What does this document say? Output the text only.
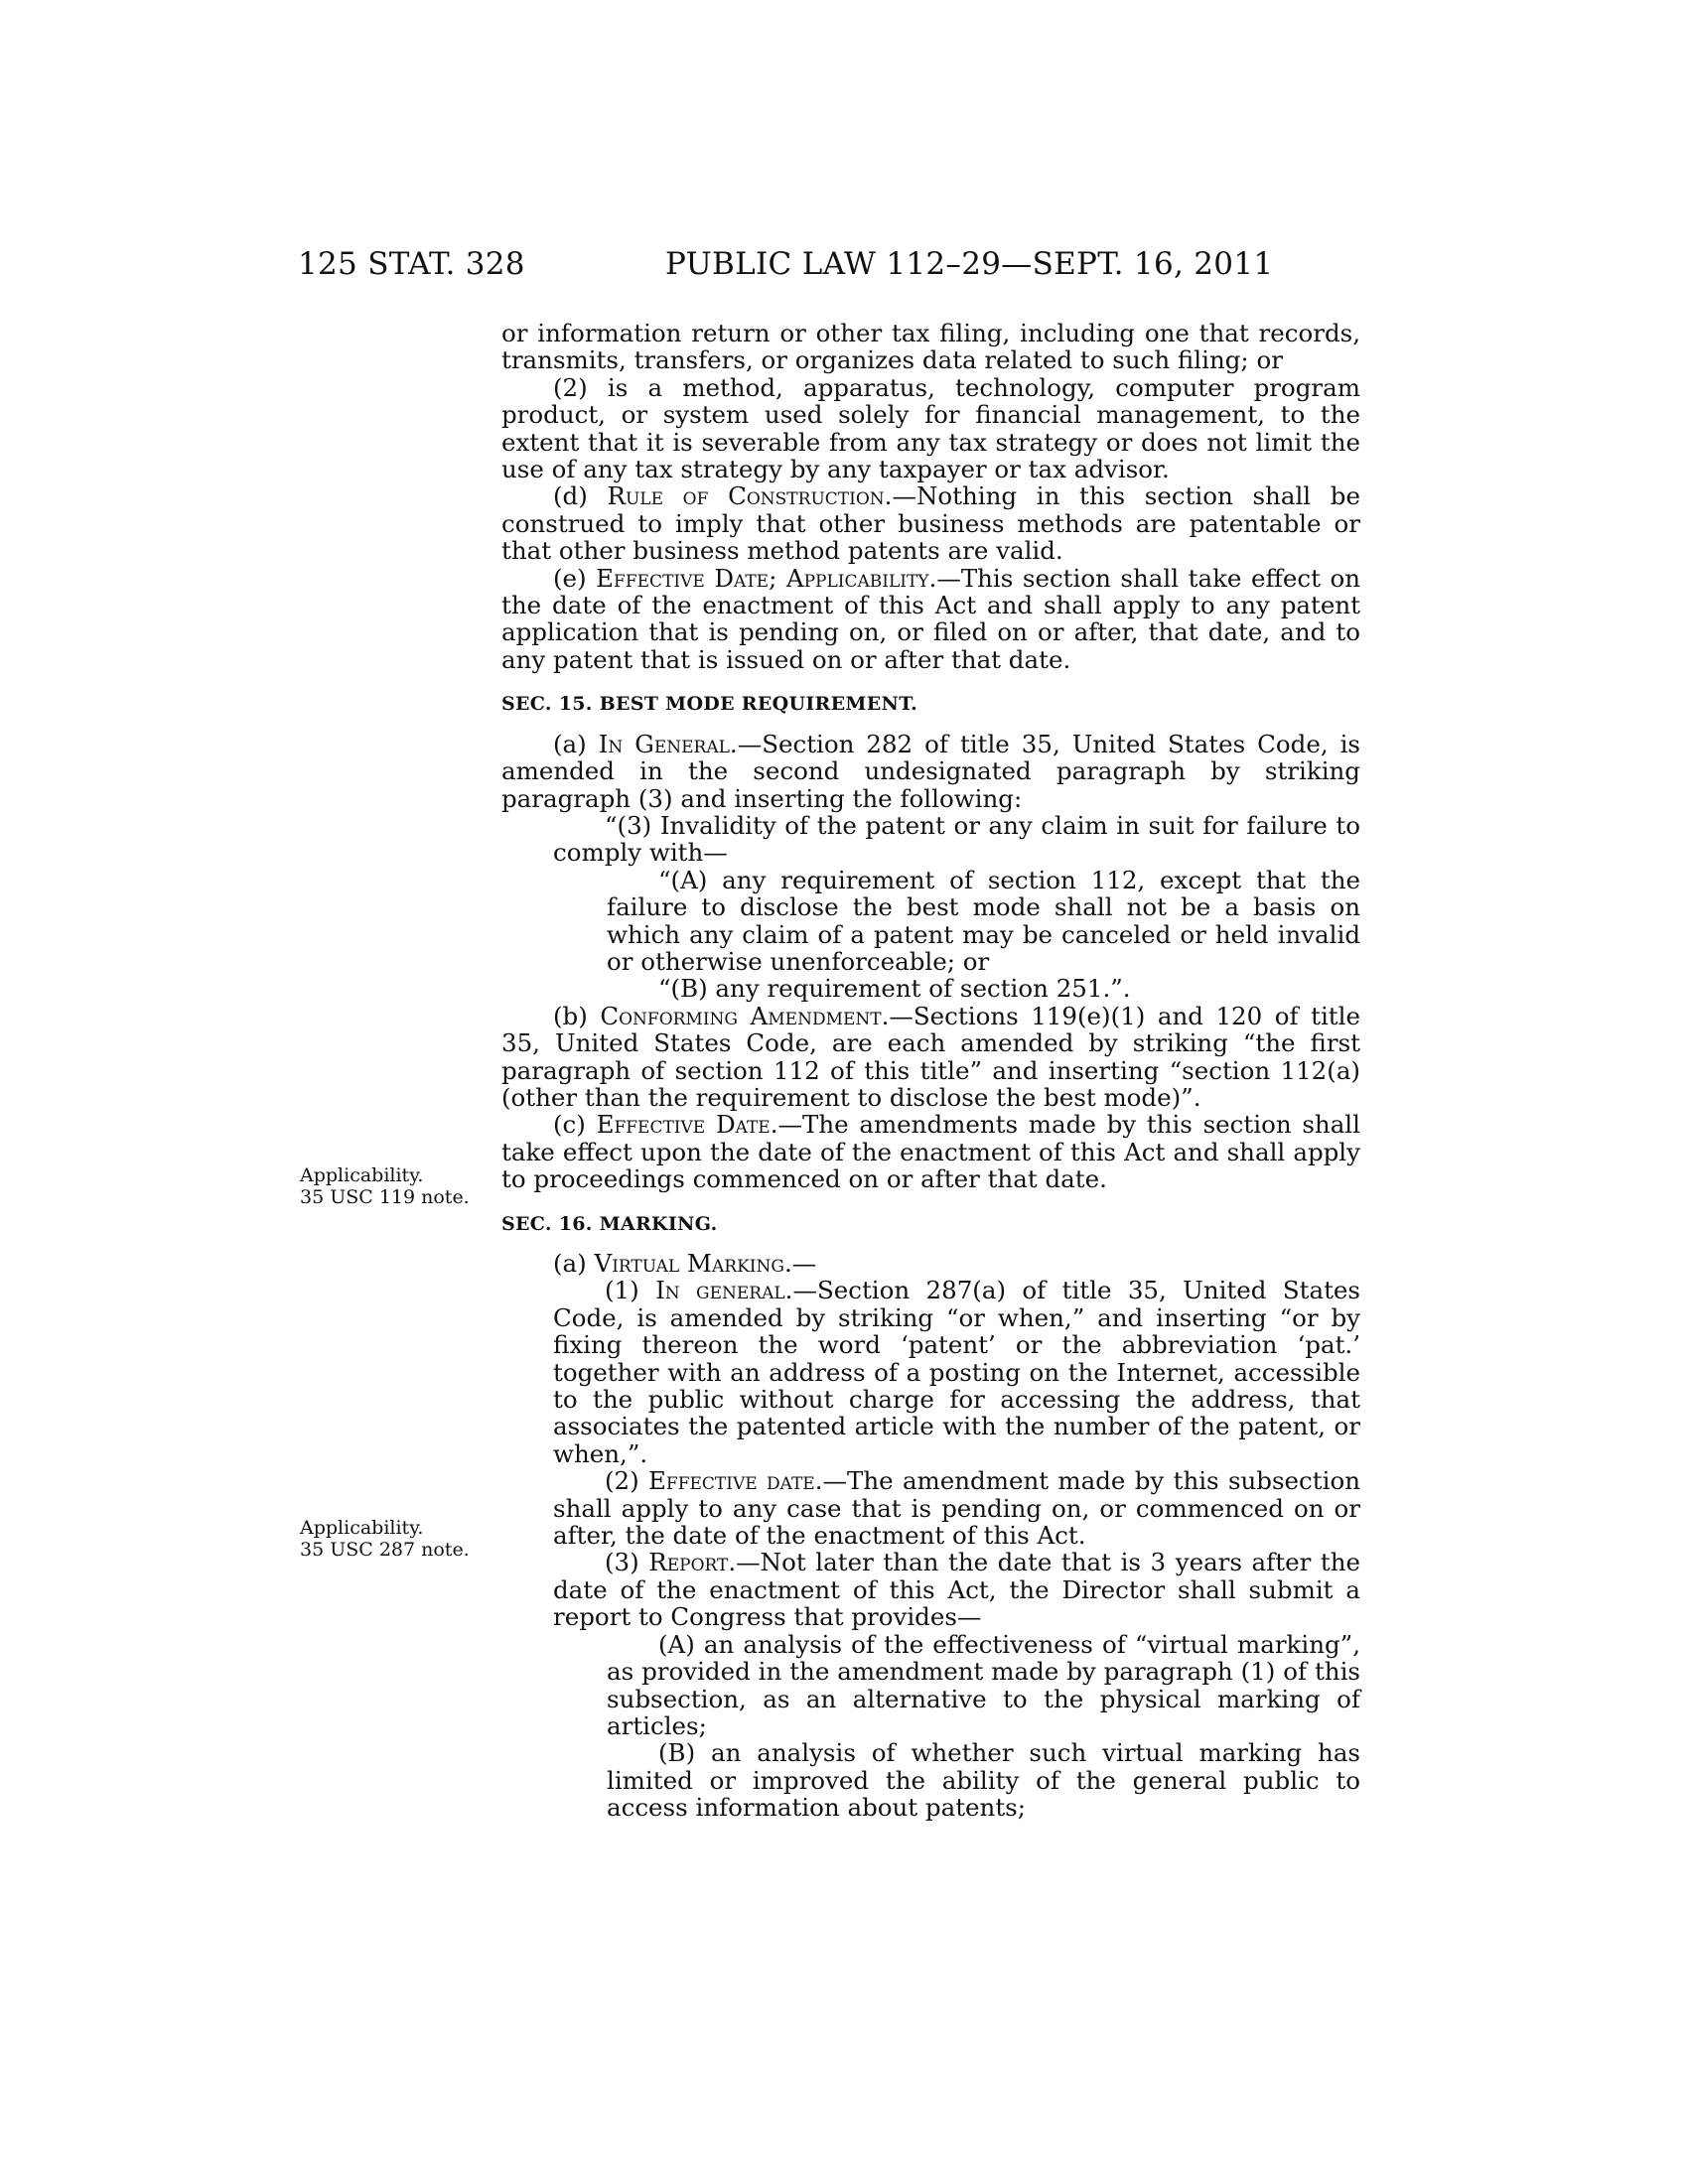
125 STAT. 328	PUBLIC LAW 112–29—SEPT. 16, 2011
Applicability.
35 USC 119 note.
Applicability.
35 USC 287 note.

or information return or other tax filing, including one that records, transmits, transfers, or organizes data related to such filing; or

(2) is a method, apparatus, technology, computer program product, or system used solely for financial management, to the extent that it is severable from any tax strategy or does not limit the use of any tax strategy by any taxpayer or tax advisor.

(d) Rule of Construction.—Nothing in this section shall be construed to imply that other business methods are patentable or that other business method patents are valid.

(e) Effective Date; Applicability.—This section shall take effect on the date of the enactment of this Act and shall apply to any patent application that is pending on, or filed on or after, that date, and to any patent that is issued on or after that date.

SEC. 15. BEST MODE REQUIREMENT.

(a) In General.—Section 282 of title 35, United States Code, is amended in the second undesignated paragraph by striking paragraph (3) and inserting the following:

“(3) Invalidity of the patent or any claim in suit for failure to comply with—

“(A) any requirement of section 112, except that the failure to disclose the best mode shall not be a basis on which any claim of a patent may be canceled or held invalid or otherwise unenforceable; or

“(B) any requirement of section 251.”.

(b) Conforming Amendment.—Sections 119(e)(1) and 120 of title 35, United States Code, are each amended by striking “the first paragraph of section 112 of this title” and inserting “section 112(a) (other than the requirement to disclose the best mode)”.

(c) Effective Date.—The amendments made by this section shall take effect upon the date of the enactment of this Act and shall apply to proceedings commenced on or after that date.

SEC. 16. MARKING.

(a) Virtual Marking.—

(1) In general.—Section 287(a) of title 35, United States Code, is amended by striking “or when,” and inserting “or by fixing thereon the word ‘patent’ or the abbreviation ‘pat.’ together with an address of a posting on the Internet, accessible to the public without charge for accessing the address, that associates the patented article with the number of the patent, or when,”.

(2) Effective date.—The amendment made by this subsection shall apply to any case that is pending on, or commenced on or after, the date of the enactment of this Act.

(3) Report.—Not later than the date that is 3 years after the date of the enactment of this Act, the Director shall submit a report to Congress that provides—

(A) an analysis of the effectiveness of “virtual marking”, as provided in the amendment made by paragraph (1) of this subsection, as an alternative to the physical marking of articles;

(B) an analysis of whether such virtual marking has limited or improved the ability of the general public to access information about patents;
